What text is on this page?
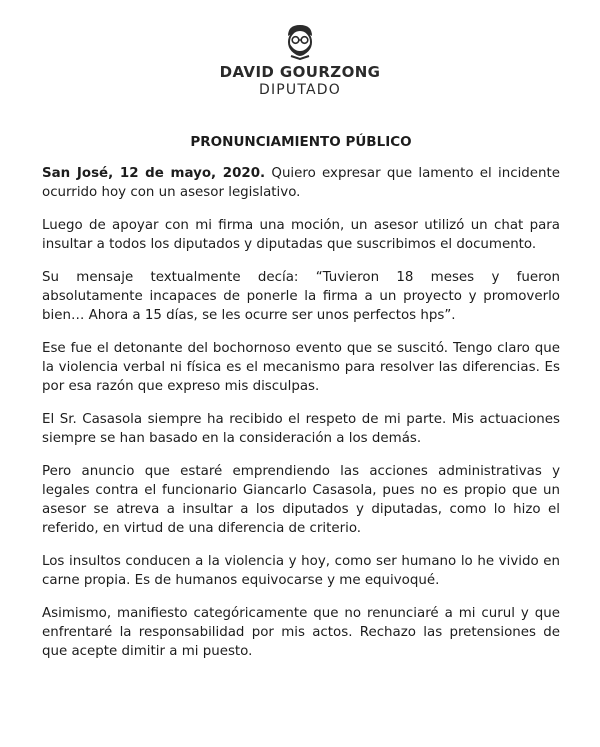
DAVID GOURZONG
DIPUTADO
PRONUNCIAMIENTO PÚBLICO

San José, 12 de mayo, 2020. Quiero expresar que lamento el incidente ocurrido hoy con un asesor legislativo.

Luego de apoyar con mi firma una moción, un asesor utilizó un chat para insultar a todos los diputados y diputadas que suscribimos el documento.

Su mensaje textualmente decía: “Tuvieron 18 meses y fueron absolutamente incapaces de ponerle la firma a un proyecto y promoverlo bien… Ahora a 15 días, se les ocurre ser unos perfectos hps”.

Ese fue el detonante del bochornoso evento que se suscitó. Tengo claro que la violencia verbal ni física es el mecanismo para resolver las diferencias. Es por esa razón que expreso mis disculpas.

El Sr. Casasola siempre ha recibido el respeto de mi parte. Mis actuaciones siempre se han basado en la consideración a los demás.

Pero anuncio que estaré emprendiendo las acciones administrativas y legales contra el funcionario Giancarlo Casasola, pues no es propio que un asesor se atreva a insultar a los diputados y diputadas, como lo hizo el referido, en virtud de una diferencia de criterio.

Los insultos conducen a la violencia y hoy, como ser humano lo he vivido en carne propia. Es de humanos equivocarse y me equivoqué.

Asimismo, manifiesto categóricamente que no renunciaré a mi curul y que enfrentaré la responsabilidad por mis actos. Rechazo las pretensiones de que acepte dimitir a mi puesto.
